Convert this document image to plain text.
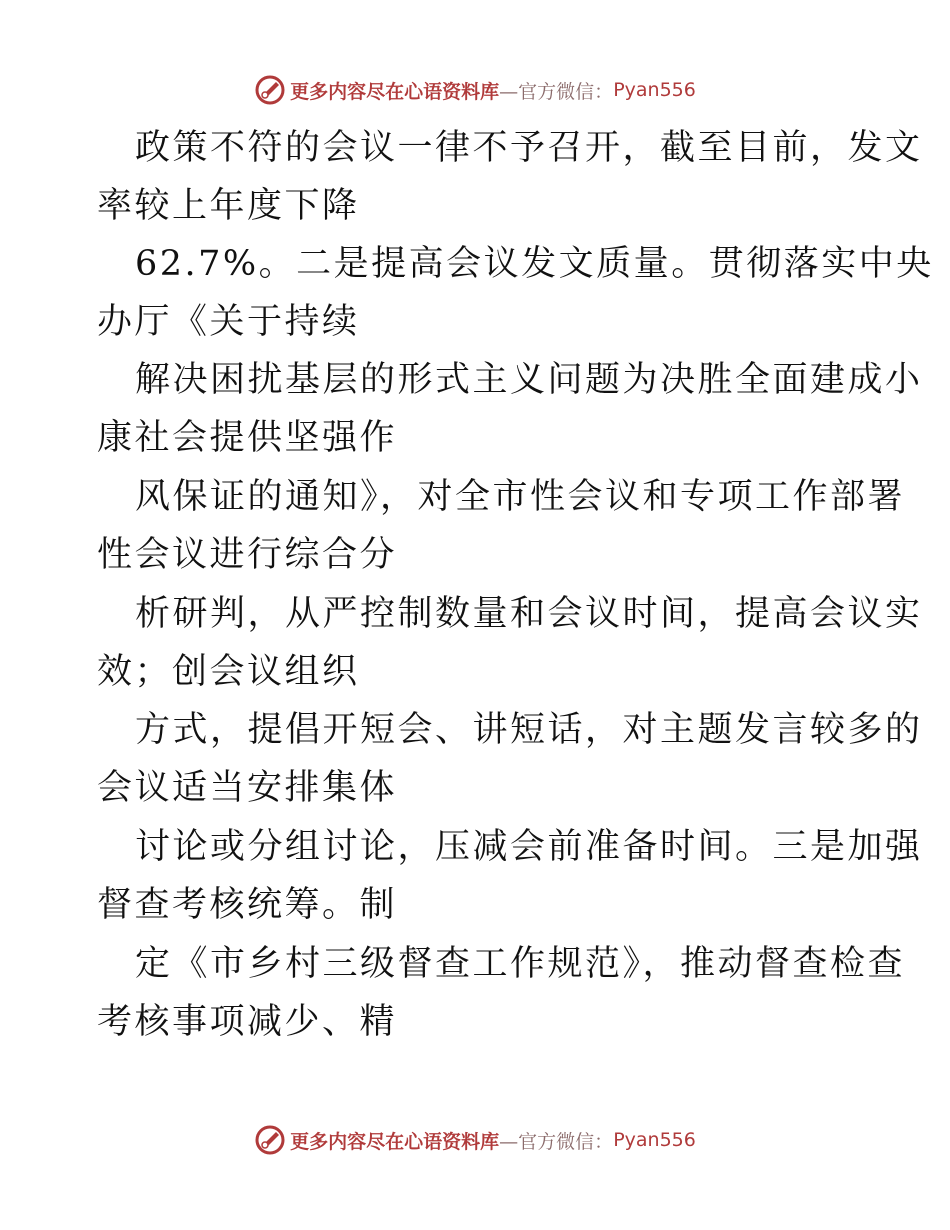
更多内容尽在心语资料库 —官方微信： Pyan556
政策不符的会议一律不予召开，截至目前，发文
率较上年度下降
62.7%。二是提高会议发文质量。贯彻落实中央
办厅《关于持续
解决困扰基层的形式主义问题为决胜全面建成小
康社会提供坚强作
风保证的通知》，对全市性会议和专项工作部署
性会议进行综合分
析研判，从严控制数量和会议时间，提高会议实
效；创会议组织
方式，提倡开短会、讲短话，对主题发言较多的
会议适当安排集体
讨论或分组讨论，压减会前准备时间。三是加强
督查考核统筹。制
定《市乡村三级督查工作规范》，推动督查检查
考核事项减少、精
更多内容尽在心语资料库 —官方微信： Pyan556
